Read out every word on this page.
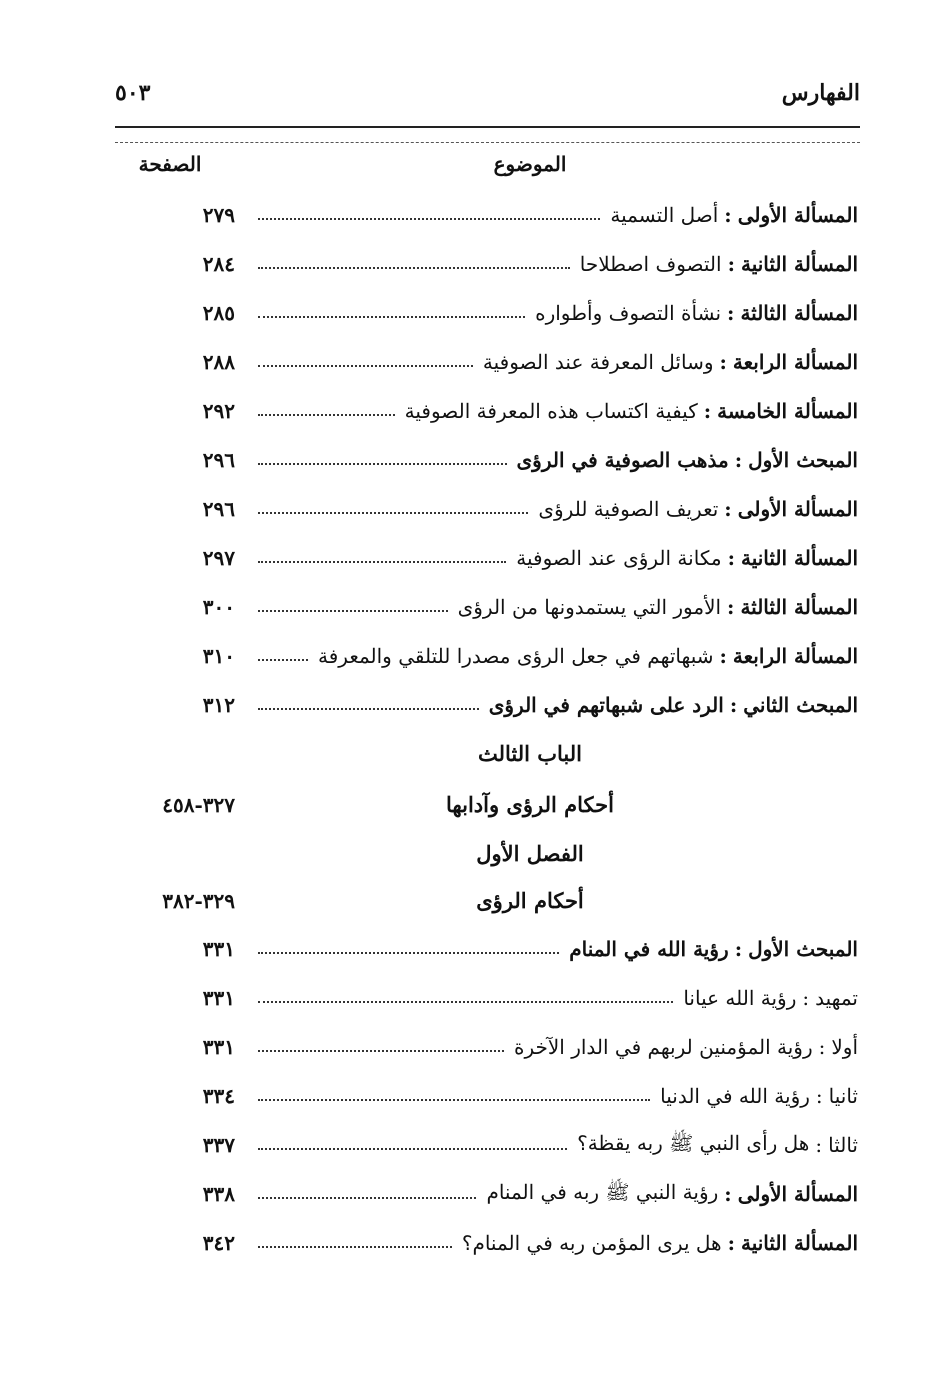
الفهارس
٥٠٣
الموضوع
الصفحة
المسألة الأولى
:
أصل التسمية
٢٧٩
المسألة الثانية
:
التصوف اصطلاحا
٢٨٤
المسألة الثالثة
:
نشأة التصوف وأطواره
٢٨٥
المسألة الرابعة
:
وسائل المعرفة عند الصوفية
٢٨٨
المسألة الخامسة
:
كيفية اكتساب هذه المعرفة الصوفية
٢٩٢
المبحث الأول
:
مذهب الصوفية في الرؤى
٢٩٦
المسألة الأولى
:
تعريف الصوفية للرؤى
٢٩٦
المسألة الثانية
:
مكانة الرؤى عند الصوفية
٢٩٧
المسألة الثالثة
:
الأمور التي يستمدونها من الرؤى
٣٠٠
المسألة الرابعة
:
شبهاتهم في جعل الرؤى مصدرا للتلقي والمعرفة
٣١٠
المبحث الثاني
:
الرد على شبهاتهم في الرؤى
٣١٢
الباب الثالث
أحكام الرؤى وآدابها
٣٢٧-٤٥٨
الفصل الأول
أحكام الرؤى
٣٢٩-٣٨٢
المبحث الأول
:
رؤية الله في المنام
٣٣١
تمهيد
:
رؤية الله عيانا
٣٣١
أولا
:
رؤية المؤمنين لربهم في الدار الآخرة
٣٣١
ثانيا
:
رؤية الله في الدنيا
٣٣٤
ثالثا
:
هل رأى النبي ﷺ ربه يقظة؟
٣٣٧
المسألة الأولى
:
رؤية النبي ﷺ ربه في المنام
٣٣٨
المسألة الثانية
:
هل يرى المؤمن ربه في المنام؟
٣٤٢
